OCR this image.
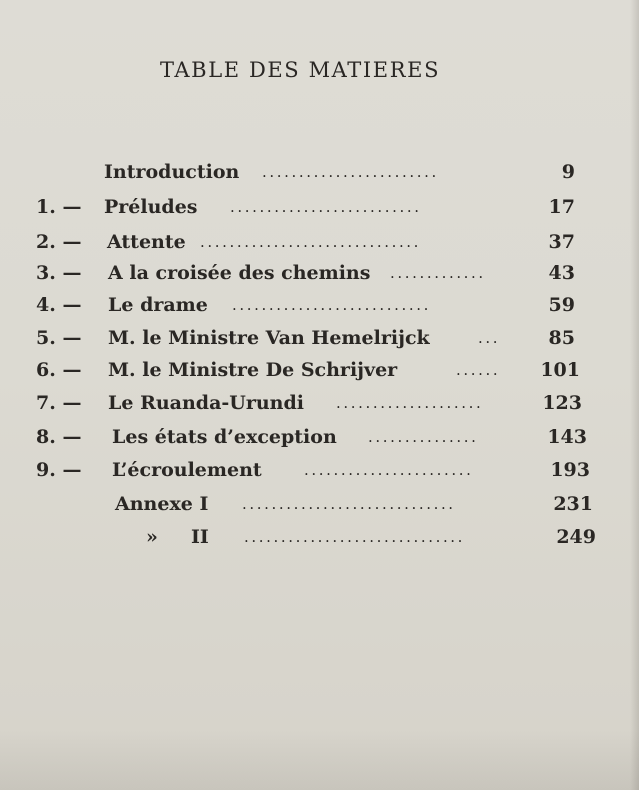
TABLE DES MATIERES
Introduction ........................	9
1. — Préludes ..........................	17
2. — Attente ..............................	37
3. — A la croisée des chemins .............	43
4. — Le drame ...........................	59
5. — M. le Ministre Van Hemelrijck	...	85
6. — M. le Ministre De Schrijver	......	101
7. — Le Ruanda-Urundi ....................	123
8. — Les états d’exception ...............	143
9. — L’écroulement	.......................	193
Annexe I .............................	231
»     II ..............................	249
